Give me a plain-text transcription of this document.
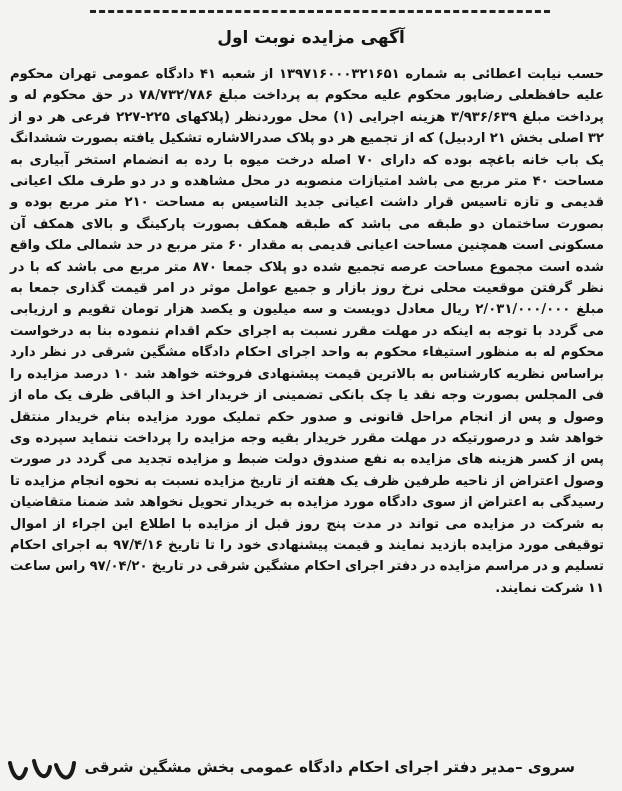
آگهی مزایده نوبت اول
حسب نیابت اعطائی به شماره ۱۳۹۷۱۶۰۰۰۳۲۱۶۵۱ از شعبه ۴۱ دادگاه عمومی تهران محکوم علیه حافظعلی رضاپور محکوم علیه محکوم به پرداخت مبلغ ۷۸/۷۳۲/۷۸۶ در حق محکوم له و پرداخت مبلغ ۳/۹۳۶/۶۳۹ هزینه اجرایی (۱) محل موردنظر (پلاکهای ۲۲۵-۲۲۷ فرعی هر دو از ۳۲ اصلی بخش ۲۱ اردبیل) که از تجمیع هر دو پلاک صدرالاشاره تشکیل یافته بصورت ششدانگ یک باب خانه باغچه بوده که دارای ۷۰ اصله درخت میوه با رده به انضمام استخر آبیاری به مساحت ۴۰ متر مربع می باشد امتیازات منصوبه در محل مشاهده و در دو طرف ملک اعیانی قدیمی و تازه تاسیس قرار داشت اعیانی جدید التاسیس به مساحت ۲۱۰ متر مربع بوده و بصورت ساختمان دو طبقه می باشد که طبقه همکف بصورت پارکینگ و بالای همکف آن مسکونی است همچنین مساحت اعیانی قدیمی به مقدار ۶۰ متر مربع در حد شمالی ملک واقع شده است مجموع مساحت عرصه تجمیع شده دو پلاک جمعا ۸۷۰ متر مربع می باشد که با در نظر گرفتن موقعیت محلی نرخ روز بازار و جمیع عوامل موثر در امر قیمت گذاری جمعا به مبلغ ۲/۰۳۱/۰۰۰/۰۰۰ ریال معادل دویست و سه میلیون و یکصد هزار تومان تقویم و ارزیابی می گردد با توجه به اینکه در مهلت مقرر نسبت به اجرای حکم اقدام ننموده بنا به درخواست محکوم له به منظور استیفاء محکوم به واحد اجرای احکام دادگاه مشگین شرقی در نظر دارد براساس نظریه کارشناس به بالاترین قیمت پیشنهادی فروخته خواهد شد ۱۰ درصد مزایده را فی المجلس بصورت وجه نقد یا چک بانکی تضمینی از خریدار اخذ و الباقی ظرف یک ماه از وصول و پس از انجام مراحل قانونی و صدور حکم تملیک مورد مزایده بنام خریدار منتقل خواهد شد و درصورتیکه در مهلت مقرر خریدار بقیه وجه مزایده را پرداخت ننماید سپرده وی پس از کسر هزینه های مزایده به نفع صندوق دولت ضبط و مزایده تجدید می گردد در صورت وصول اعتراض از ناحیه طرفین ظرف یک هفته از تاریخ مزایده نسبت به نحوه انجام مزایده تا رسیدگی به اعتراض از سوی دادگاه مورد مزایده به خریدار تحویل نخواهد شد ضمنا متقاضیان به شرکت در مزایده می تواند در مدت پنج روز قبل از مزایده با اطلاع این اجراء از اموال توقیفی مورد مزایده بازدید نمایند و قیمت پیشنهادی خود را تا تاریخ ۹۷/۴/۱۶ به اجرای احکام تسلیم و در مراسم مزایده در دفتر اجرای احکام مشگین شرقی در تاریخ ۹۷/۰۴/۲۰ راس ساعت ۱۱ شرکت نمایند.
سروی –مدیر دفتر اجرای احکام دادگاه عمومی بخش مشگین شرقی
